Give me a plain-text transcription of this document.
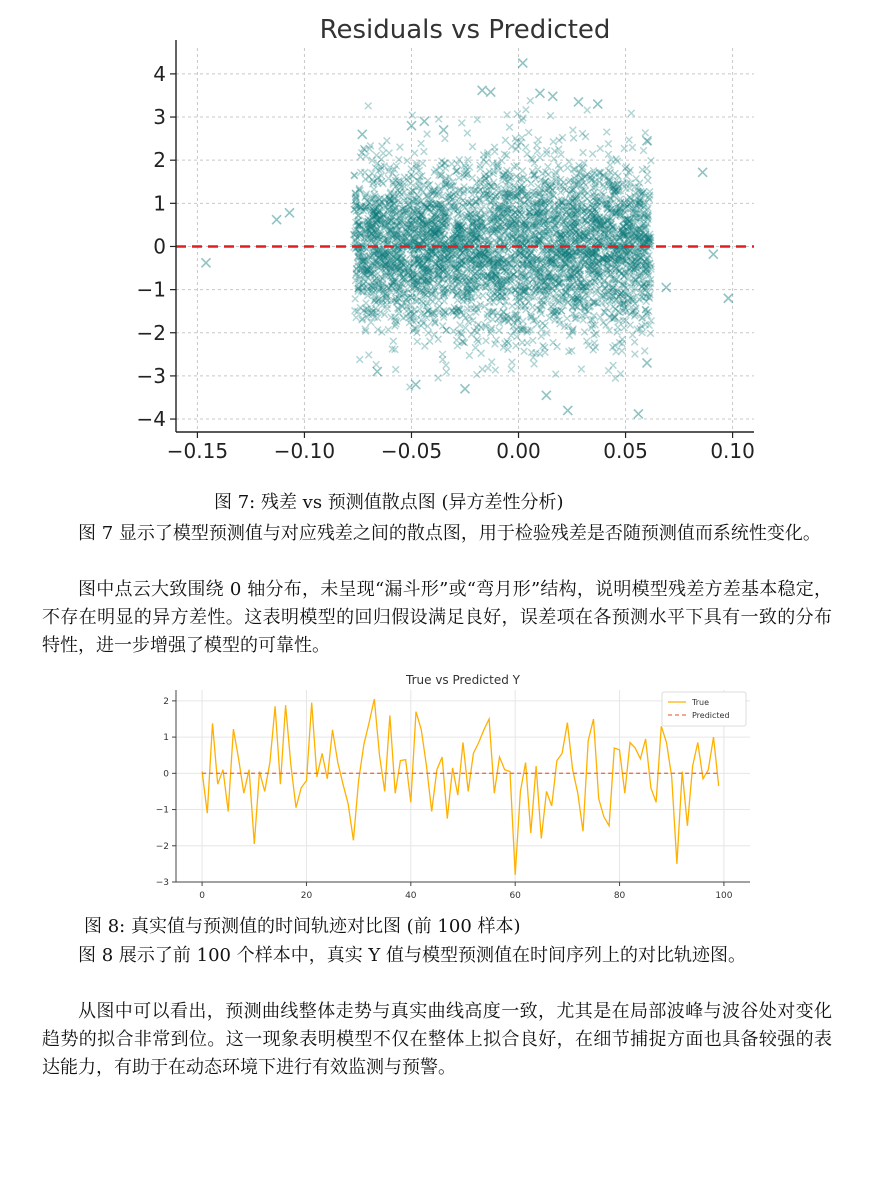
Residuals vs Predicted
−0.15 −0.10 −0.05	0.00	0.05	0.10
−4
−3
−2
−1
0
1
2
3
4
图 7: 残差 vs 预测值散点图 (异方差性分析)

图 7 显示了模型预测值与对应残差之间的散点图，用于检验残差是否随预测值而系统性变化。

图中点云大致围绕 0 轴分布，未呈现“漏斗形”或“弯月形”结构，说明模型残差方差基本稳定，不存在明显的异方差性。这表明模型的回归假设满足良好，误差项在各预测水平下具有一致的分布特性，进一步增强了模型的可靠性。

True vs Predicted Y
0	20	40	60	80	100
−3
−2
−1
0
1
2	True
Predicted
图 8: 真实值与预测值的时间轨迹对比图 (前 100 样本)

图 8 展示了前 100 个样本中，真实 Y 值与模型预测值在时间序列上的对比轨迹图。

从图中可以看出，预测曲线整体走势与真实曲线高度一致，尤其是在局部波峰与波谷处对变化趋势的拟合非常到位。这一现象表明模型不仅在整体上拟合良好，在细节捕捉方面也具备较强的表达能力，有助于在动态环境下进行有效监测与预警。
